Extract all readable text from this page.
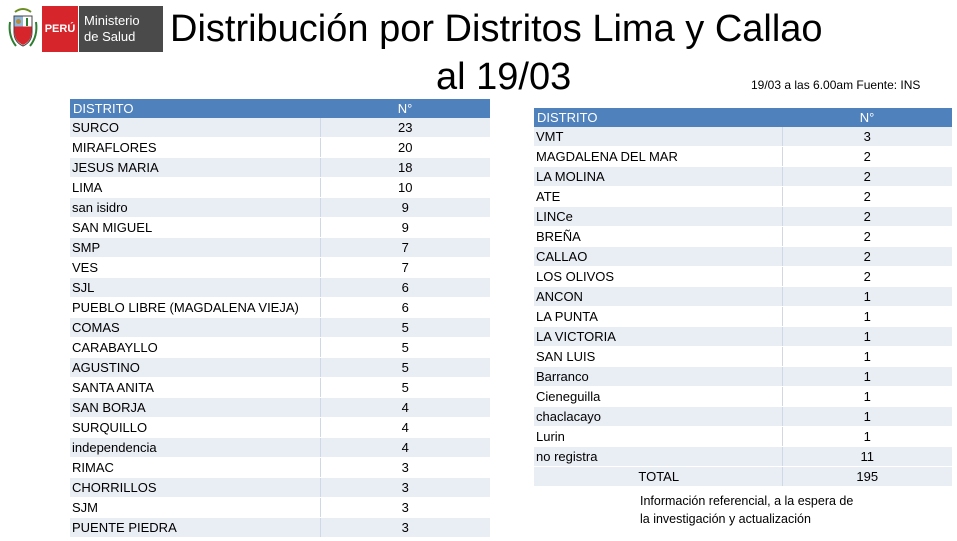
PERÚ
Ministerio
de Salud Distribución por Distritos Lima y Callao
al 19/03	19/03 a las 6.00am Fuente: INS
DISTRITO	N°
SURCO	23
MIRAFLORES	20
JESUS MARIA	18
LIMA	10
san isidro	9
SAN MIGUEL	9
SMP	7
VES	7
SJL	6
PUEBLO LIBRE (MAGDALENA VIEJA)	6
COMAS	5
CARABAYLLO	5
AGUSTINO	5
SANTA ANITA	5
SAN BORJA	4
SURQUILLO	4
independencia	4
RIMAC	3
CHORRILLOS	3
SJM	3
PUENTE PIEDRA	3
DISTRITO	N°
VMT	3
MAGDALENA DEL MAR	2
LA MOLINA	2
ATE	2
LINCe	2
BREÑA	2
CALLAO	2
LOS OLIVOS	2
ANCON	1
LA PUNTA	1
LA VICTORIA	1
SAN LUIS	1
Barranco	1
Cieneguilla	1
chaclacayo	1
Lurin	1
no registra	11
TOTAL	195
Información referencial, a la espera de
la investigación y actualización
